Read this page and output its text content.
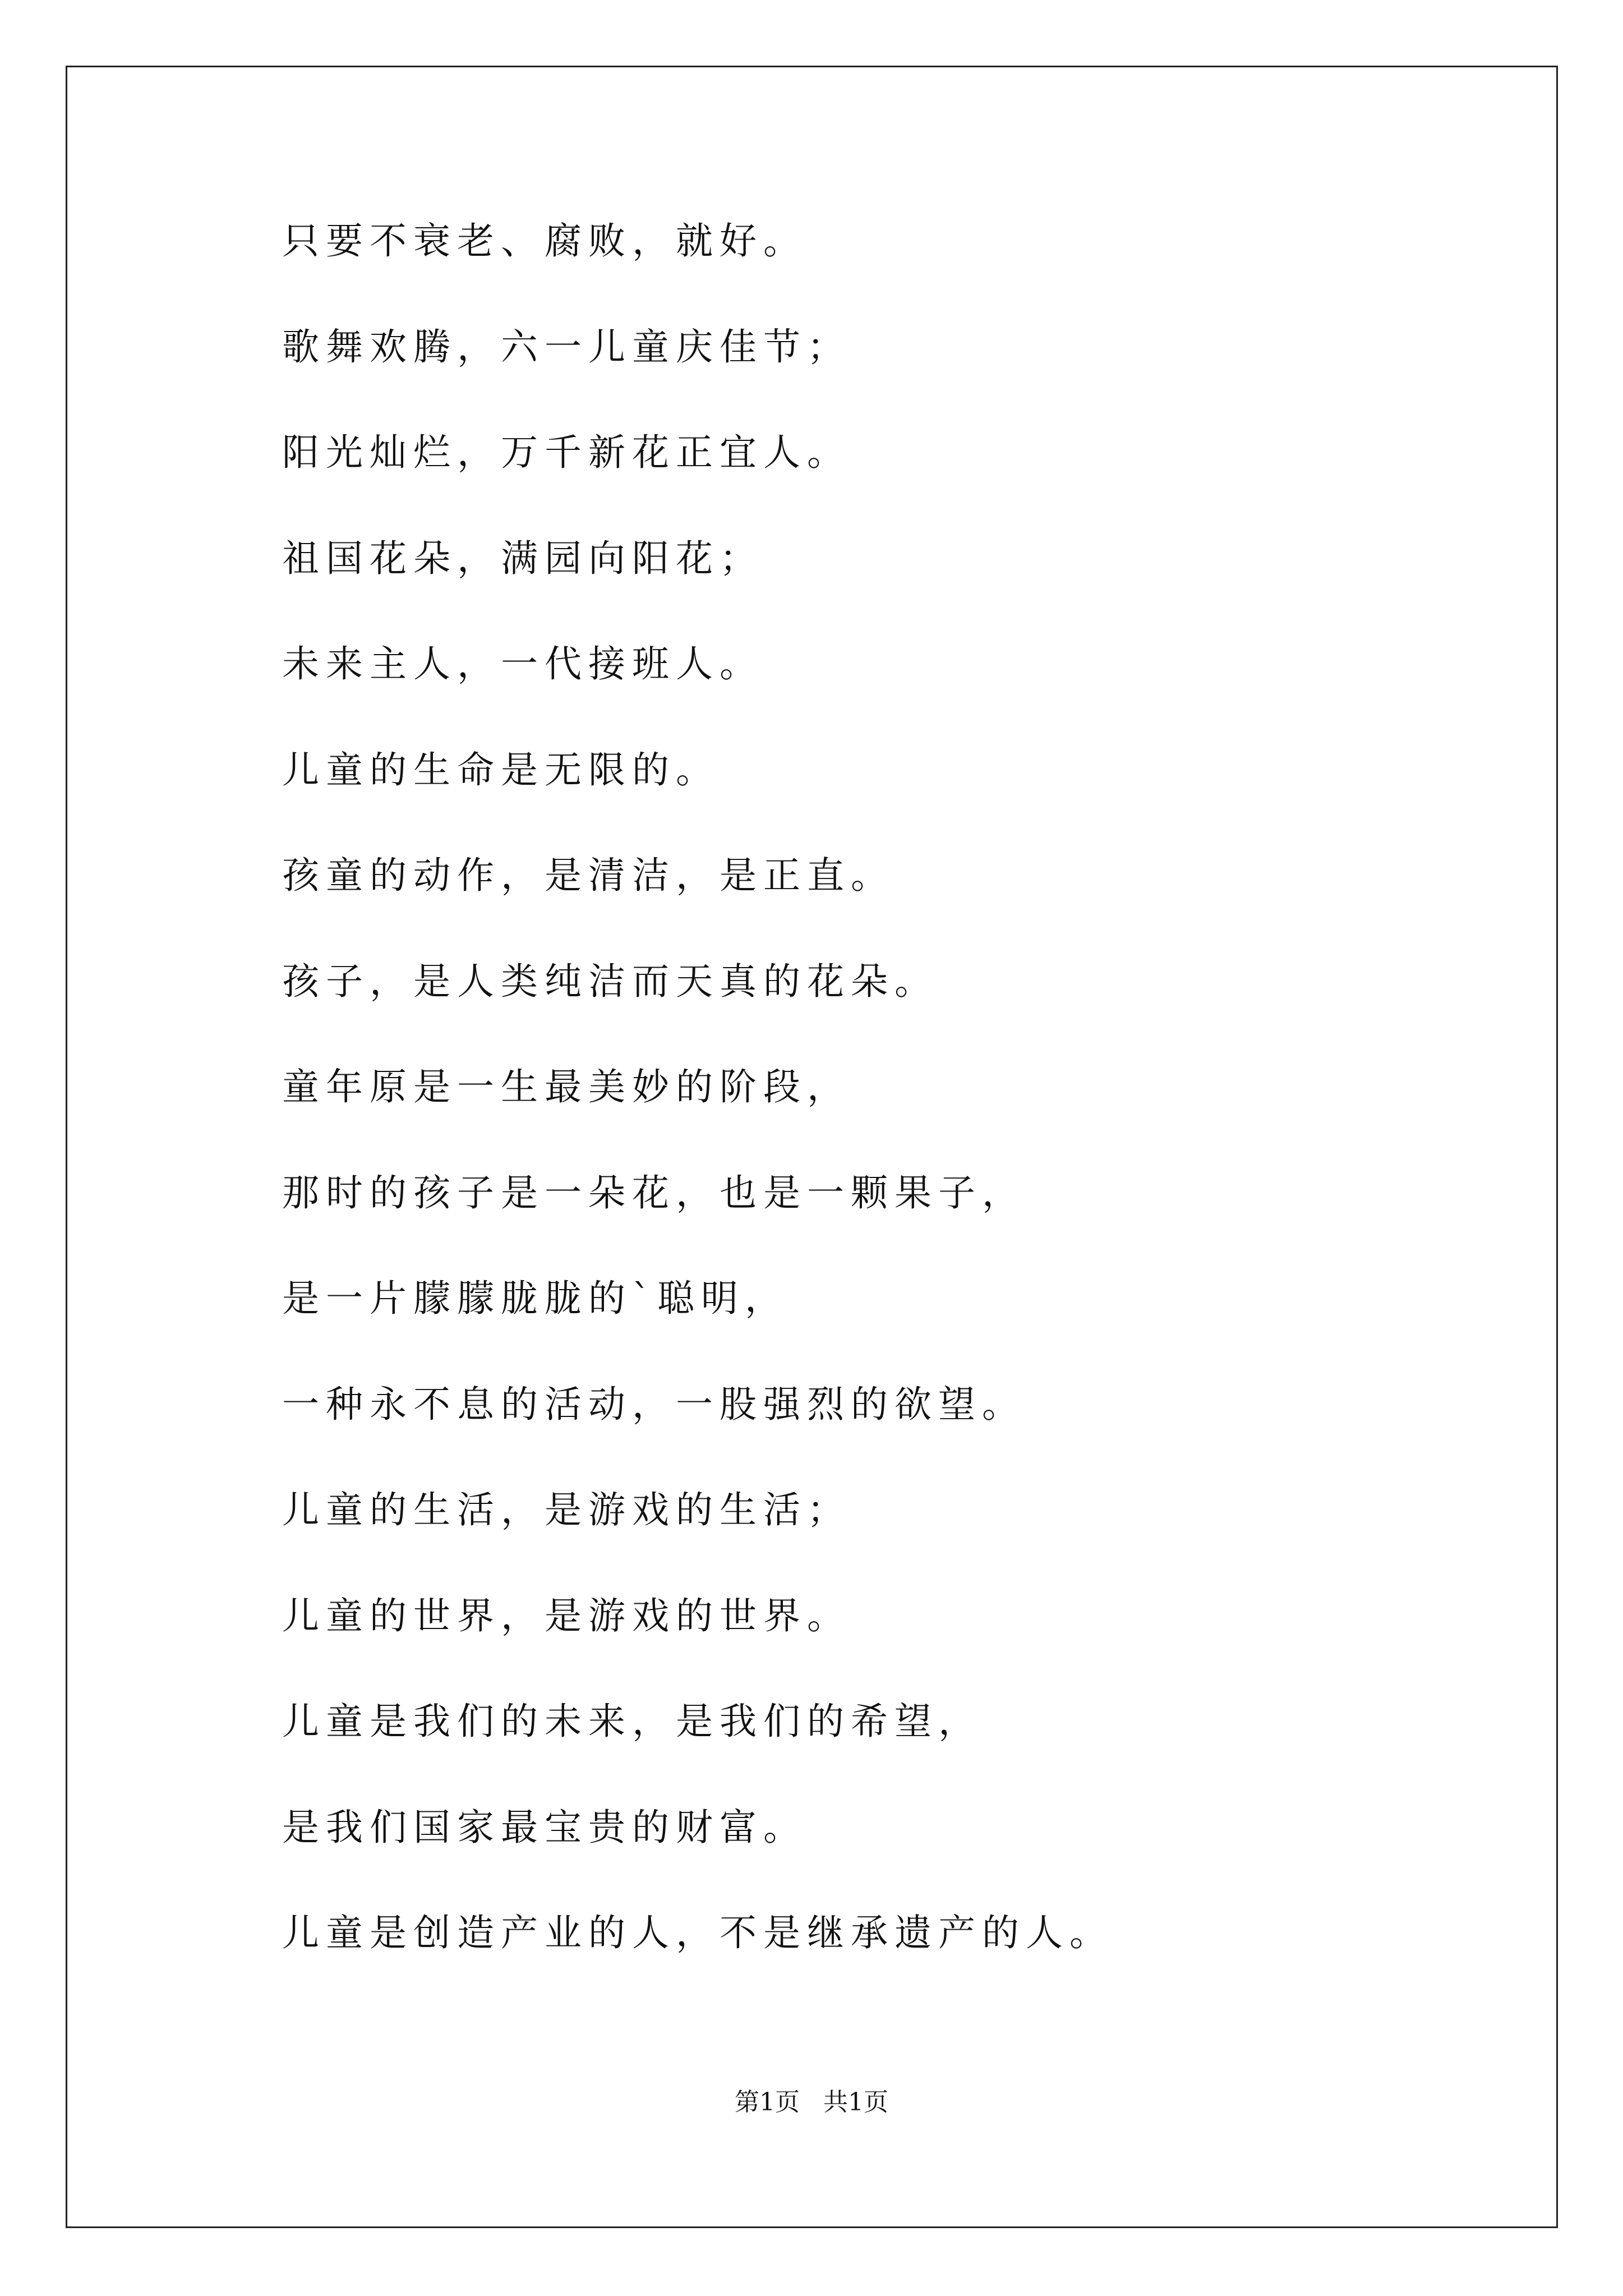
只要不衰老、腐败，就好。
歌舞欢腾，六一儿童庆佳节；
阳光灿烂，万千新花正宜人。
祖国花朵，满园向阳花；
未来主人，一代接班人。
儿童的生命是无限的。
孩童的动作，是清洁，是正直。
孩子，是人类纯洁而天真的花朵。
童年原是一生最美妙的阶段，
那时的孩子是一朵花，也是一颗果子，
是一片朦朦胧胧的`聪明，
一种永不息的活动，一股强烈的欲望。
儿童的生活，是游戏的生活；
儿童的世界，是游戏的世界。
儿童是我们的未来，是我们的希望，
是我们国家最宝贵的财富。
儿童是创造产业的人，不是继承遗产的人。
第1页   共1页
